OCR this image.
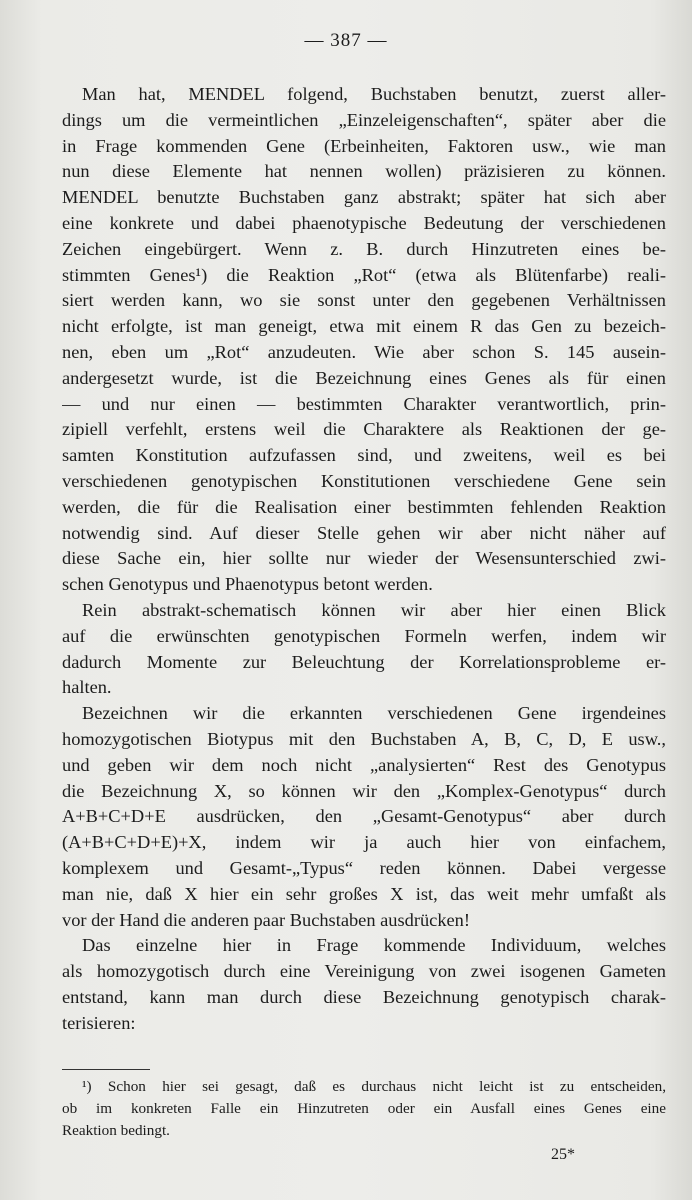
— 387 —
Man hat, MENDEL folgend, Buchstaben benutzt, zuerst aller-
dings um die vermeintlichen „Einzeleigenschaften“, später aber die
in Frage kommenden Gene (Erbeinheiten, Faktoren usw., wie man
nun diese Elemente hat nennen wollen) präzisieren zu können.
MENDEL benutzte Buchstaben ganz abstrakt; später hat sich aber
eine konkrete und dabei phaenotypische Bedeutung der verschiedenen
Zeichen eingebürgert. Wenn z. B. durch Hinzutreten eines be-
stimmten Genes¹) die Reaktion „Rot“ (etwa als Blütenfarbe) reali-
siert werden kann, wo sie sonst unter den gegebenen Verhältnissen
nicht erfolgte, ist man geneigt, etwa mit einem R das Gen zu bezeich-
nen, eben um „Rot“ anzudeuten. Wie aber schon S. 145 ausein-
andergesetzt wurde, ist die Bezeichnung eines Genes als für einen
— und nur einen — bestimmten Charakter verantwortlich, prin-
zipiell verfehlt, erstens weil die Charaktere als Reaktionen der ge-
samten Konstitution aufzufassen sind, und zweitens, weil es bei
verschiedenen genotypischen Konstitutionen verschiedene Gene sein
werden, die für die Realisation einer bestimmten fehlenden Reaktion
notwendig sind. Auf dieser Stelle gehen wir aber nicht näher auf
diese Sache ein, hier sollte nur wieder der Wesensunterschied zwi-
schen Genotypus und Phaenotypus betont werden.
Rein abstrakt-schematisch können wir aber hier einen Blick
auf die erwünschten genotypischen Formeln werfen, indem wir
dadurch Momente zur Beleuchtung der Korrelationsprobleme er-
halten.
Bezeichnen wir die erkannten verschiedenen Gene irgendeines
homozygotischen Biotypus mit den Buchstaben A, B, C, D, E usw.,
und geben wir dem noch nicht „analysierten“ Rest des Genotypus
die Bezeichnung X, so können wir den „Komplex-Genotypus“ durch
A+B+C+D+E ausdrücken, den „Gesamt-Genotypus“ aber durch
(A+B+C+D+E)+X, indem wir ja auch hier von einfachem,
komplexem und Gesamt-„Typus“ reden können. Dabei vergesse
man nie, daß X hier ein sehr großes X ist, das weit mehr umfaßt als
vor der Hand die anderen paar Buchstaben ausdrücken!
Das einzelne hier in Frage kommende Individuum, welches
als homozygotisch durch eine Vereinigung von zwei isogenen Gameten
entstand, kann man durch diese Bezeichnung genotypisch charak-
terisieren:
¹) Schon hier sei gesagt, daß es durchaus nicht leicht ist zu entscheiden,
ob im konkreten Falle ein Hinzutreten oder ein Ausfall eines Genes eine
Reaktion bedingt.
25*
